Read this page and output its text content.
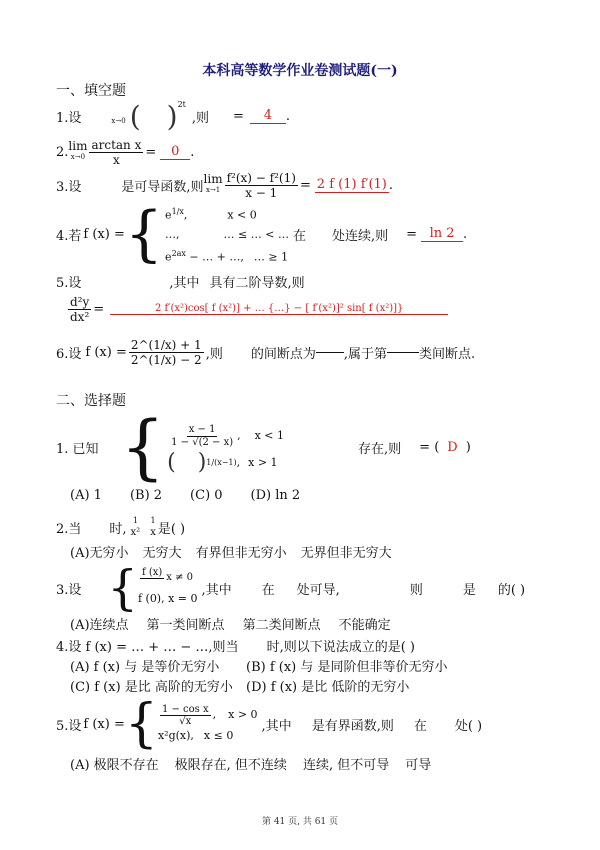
本科高等数学作业卷测试题(一)
一、填空题
1.设
	x→0 ( ) 2t
,则 =	4	.
2. lim
$x\to 0 \frac{\text{arctan x}}{x}$ =	0 .
3.设	是可导函数,则
lim
$x\to 1 \frac{\text{f²(x) − f²(1)}}{x - 1} = 2$ f (1) f′(1) .
4.若 f (x) = { $e^{1/x}$,	x < 0
…,	… ≤ … < …
$e^{2ax}$ − … + …, … ≥ 1
在 处连续,则 = ln 2 .
5.设	,其中 具有二阶导数,则
$\frac{\text{d²y}}{\text{dx²}}$ =	2 f′(x²)cos[ f (x²)] + … {…} − [ f′(x²)]² sin[ f (x²)]}
6.设 f $(x) = \frac{2\^{}(1/x) + 1}{2\^{}(1/x) - 2}$ ,则 的间断点为 ,属于第 类间断点.
二、选择题
1. 已知 { $\frac{x - 1}{1 - √(2 - x)}$ , x < 1
( ) 1/(x−1) , x > 1
存在,则 = ( D )
(A) 1 (B) 2 (C) 0 (D) ln 2
2.当 时,
1
x²
1
x 是( )
(A)无穷小 无穷大 有界但非无穷小 无界但非无穷大
3.设 { f (x)
x ≠ 0
f (0), x = 0
,其中 在 处可导,	则	是 的( )
(A)连续点 第一类间断点 第二类间断点 不能确定
4.设 f (x) = … + … − …,则当 时,则以下说法成立的是( )
(A) f (x) 与 是等价无穷小 (B) f (x) 与 是同阶但非等价无穷小
(C) f (x) 是比 高阶的无穷小 (D) f (x) 是比 低阶的无穷小
5.设 f (x) = { $\frac{\text{1 − cos x}}{√x}$ , x > 0
x²g(x), x ≤ 0
,其中 是有界函数,则 在 处( )
(A) 极限不存在 极限存在, 但不连续 连续, 但不可导 可导
第 41 页, 共 61 页
